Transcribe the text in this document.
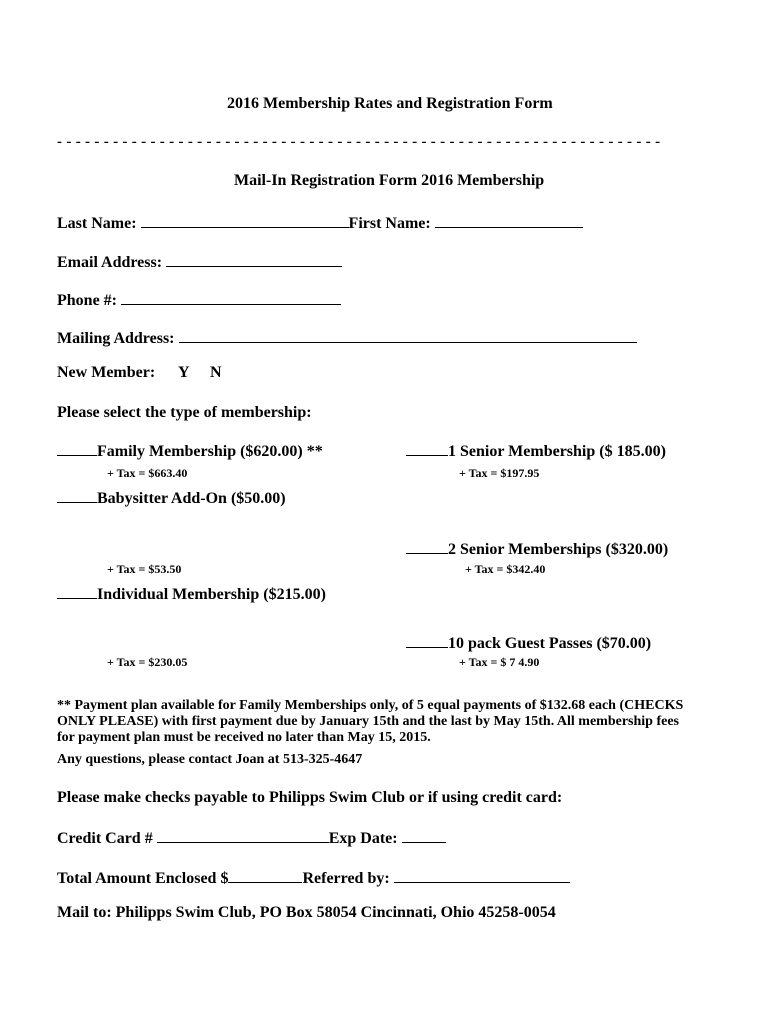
2016 Membership Rates and Registration Form
- - - - - - - - - - - - - - - - - - - - - - - - - - - - - - - - - - - - - - - - - - - - - - - - - - - - - - - - - - - - - - - - -
Mail-In Registration Form 2016 Membership
Last Name:	First Name:
Email Address:
Phone #:
Mailing Address:
New Member: Y N
Please select the type of membership:
Family Membership ($620.00) **
+ Tax = $663.40
Babysitter Add-On ($50.00)
+ Tax = $53.50
Individual Membership ($215.00)
+ Tax = $230.05
1 Senior Membership ($ 185.00)
+ Tax = $197.95
2 Senior Memberships ($320.00)
+ Tax = $342.40
10 pack Guest Passes ($70.00)
+ Tax = $ 7 4.90
** Payment plan available for Family Memberships only, of 5 equal payments of $132.68 each (CHECKS
ONLY PLEASE) with first payment due by January 15th and the last by May 15th. All membership fees
for payment plan must be received no later than May 15, 2015.
Any questions, please contact Joan at 513-325-4647
Please make checks payable to Philipps Swim Club or if using credit card:
Credit Card #	Exp Date:
Total Amount Enclosed $	Referred by:
Mail to: Philipps Swim Club, PO Box 58054 Cincinnati, Ohio 45258-0054
